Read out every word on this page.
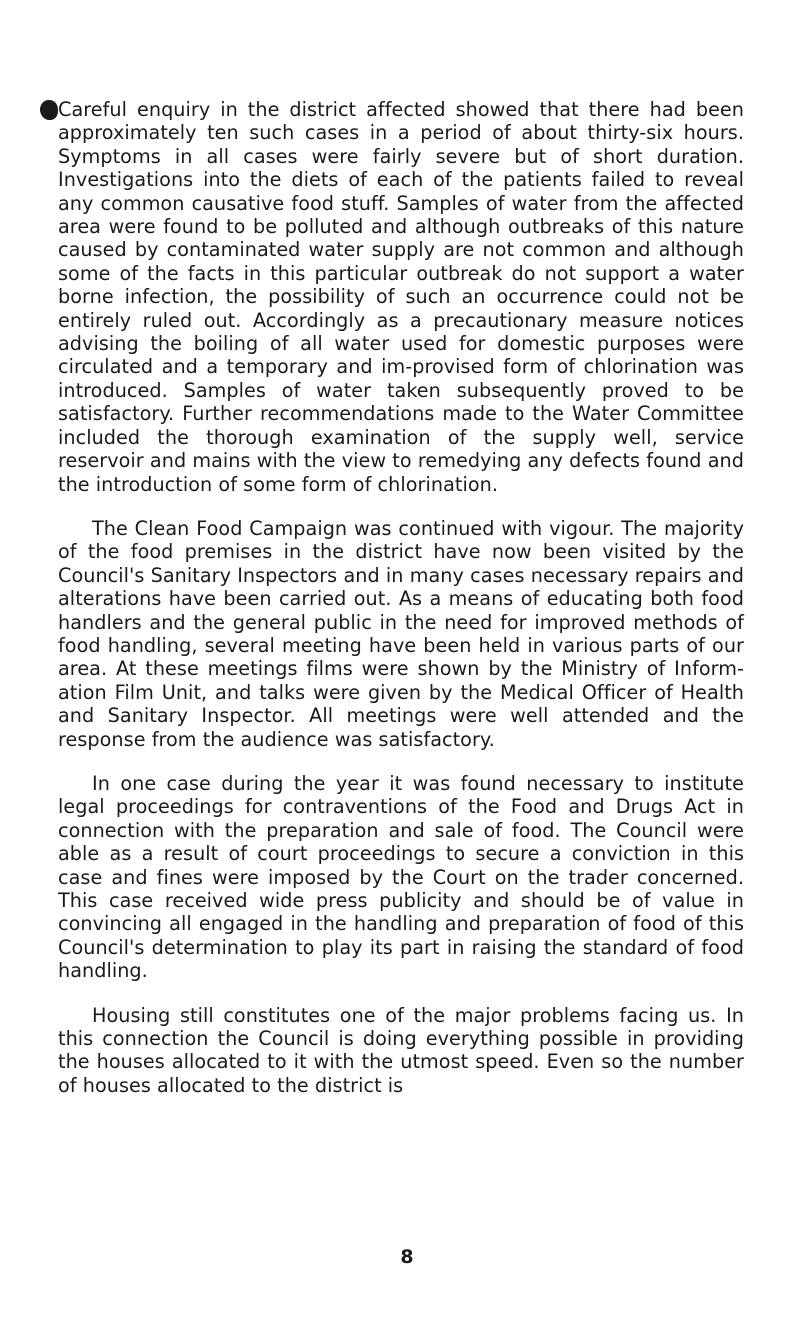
Careful enquiry in the district affected showed that there had been approximately ten such cases in a period of about thirty-six hours. Symptoms in all cases were fairly severe but of short duration. Investigations into the diets of each of the patients failed to reveal any common causative food stuff. Samples of water from the affected area were found to be polluted and although outbreaks of this nature caused by contaminated water supply are not common and although some of the facts in this particular outbreak do not support a water borne infection, the possibility of such an occurrence could not be entirely ruled out. Accordingly as a precautionary measure notices advising the boiling of all water used for domestic purposes were circulated and a temporary and im-provised form of chlorination was introduced. Samples of water taken subsequently proved to be satisfactory. Further recommendations made to the Water Committee included the thorough examination of the supply well, service reservoir and mains with the view to remedying any defects found and the introduction of some form of chlorination.

The Clean Food Campaign was continued with vigour. The majority of the food premises in the district have now been visited by the Council's Sanitary Inspectors and in many cases necessary repairs and alterations have been carried out. As a means of educating both food handlers and the general public in the need for improved methods of food handling, several meeting have been held in various parts of our area. At these meetings films were shown by the Ministry of Inform-ation Film Unit, and talks were given by the Medical Officer of Health and Sanitary Inspector. All meetings were well attended and the response from the audience was satisfactory.

In one case during the year it was found necessary to institute legal proceedings for contraventions of the Food and Drugs Act in connection with the preparation and sale of food. The Council were able as a result of court proceedings to secure a conviction in this case and fines were imposed by the Court on the trader concerned. This case received wide press publicity and should be of value in convincing all engaged in the handling and preparation of food of this Council's determination to play its part in raising the standard of food handling.

Housing still constitutes one of the major problems facing us. In this connection the Council is doing everything possible in providing the houses allocated to it with the utmost speed. Even so the number of houses allocated to the district is

8
